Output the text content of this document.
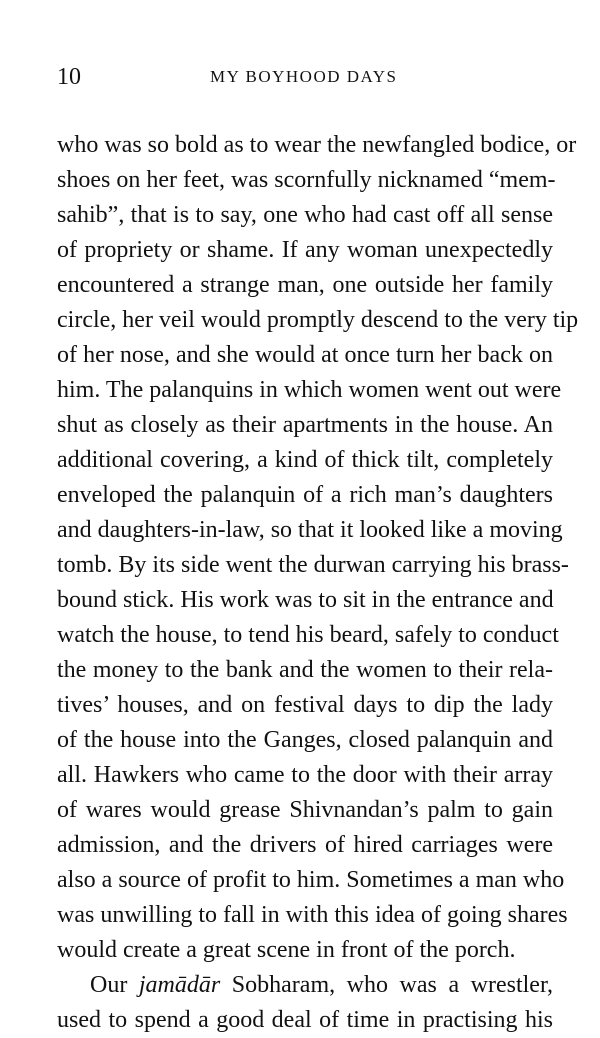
10	MY BOYHOOD DAYS
who was so bold as to wear the newfangled bodice, or
shoes on her feet, was scornfully nicknamed “mem-
sahib”, that is to say, one who had cast off all sense
of propriety or shame. If any woman unexpectedly
encountered a strange man, one outside her family
circle, her veil would promptly descend to the very tip
of her nose, and she would at once turn her back on
him. The palanquins in which women went out were
shut as closely as their apartments in the house. An
additional covering, a kind of thick tilt, completely
enveloped the palanquin of a rich man’s daughters
and daughters-in-law, so that it looked like a moving
tomb. By its side went the durwan carrying his brass-
bound stick. His work was to sit in the entrance and
watch the house, to tend his beard, safely to conduct
the money to the bank and the women to their rela-
tives’ houses, and on festival days to dip the lady
of the house into the Ganges, closed palanquin and
all. Hawkers who came to the door with their array
of wares would grease Shivnandan’s palm to gain
admission, and the drivers of hired carriages were
also a source of profit to him. Sometimes a man who
was unwilling to fall in with this idea of going shares
would create a great scene in front of the porch.
Our jamādār Sobharam, who was a wrestler,
used to spend a good deal of time in practising his
